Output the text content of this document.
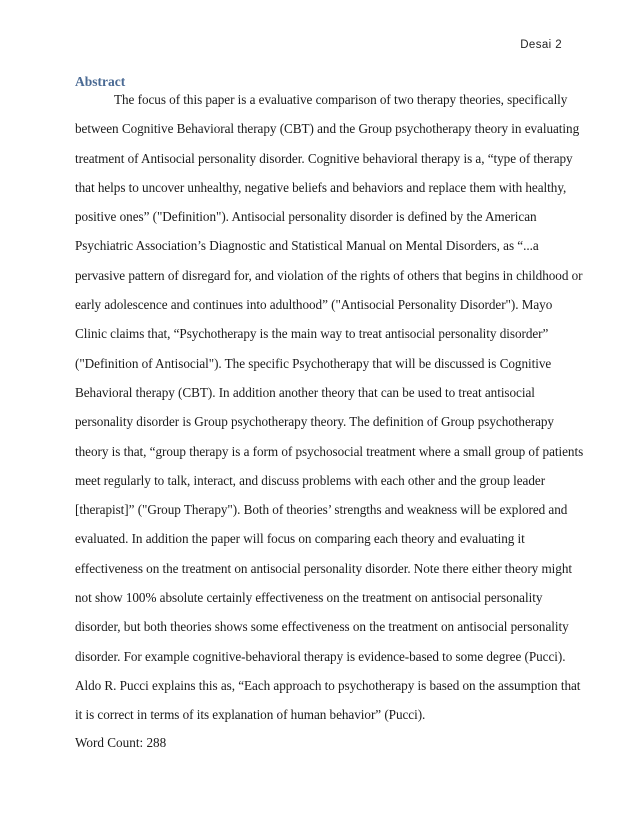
Desai 2
Abstract
The focus of this paper is a evaluative comparison of two therapy theories, specifically
between Cognitive Behavioral therapy (CBT) and the Group psychotherapy theory in evaluating
treatment of Antisocial personality disorder. Cognitive behavioral therapy is a, “type of therapy
that helps to uncover unhealthy, negative beliefs and behaviors and replace them with healthy,
positive ones” ("Definition"). Antisocial personality disorder is defined by the American
Psychiatric Association’s Diagnostic and Statistical Manual on Mental Disorders, as “...a
pervasive pattern of disregard for, and violation of the rights of others that begins in childhood or
early adolescence and continues into adulthood” ("Antisocial Personality Disorder"). Mayo
Clinic claims that, “Psychotherapy is the main way to treat antisocial personality disorder”
("Definition of Antisocial"). The specific Psychotherapy that will be discussed is Cognitive
Behavioral therapy (CBT). In addition another theory that can be used to treat antisocial
personality disorder is Group psychotherapy theory. The definition of Group psychotherapy
theory is that, “group therapy is a form of psychosocial treatment where a small group of patients
meet regularly to talk, interact, and discuss problems with each other and the group leader
[therapist]” ("Group Therapy"). Both of theories’ strengths and weakness will be explored and
evaluated. In addition the paper will focus on comparing each theory and evaluating it
effectiveness on the treatment on antisocial personality disorder. Note there either theory might
not show 100% absolute certainly effectiveness on the treatment on antisocial personality
disorder, but both theories shows some effectiveness on the treatment on antisocial personality
disorder. For example cognitive-behavioral therapy is evidence-based to some degree (Pucci).
Aldo R. Pucci explains this as, “Each approach to psychotherapy is based on the assumption that
it is correct in terms of its explanation of human behavior” (Pucci).
Word Count: 288
